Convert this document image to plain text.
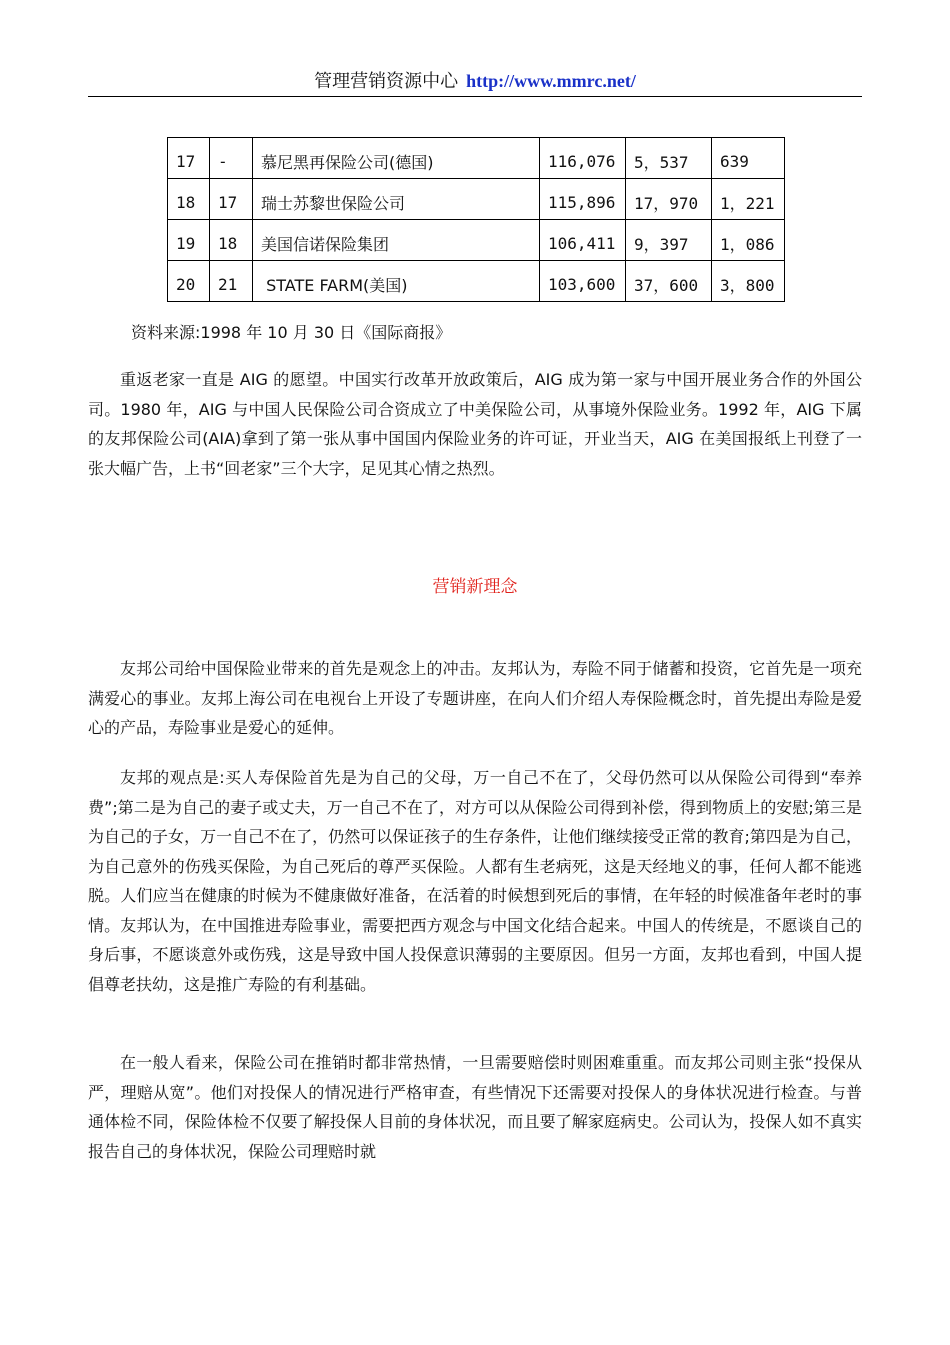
管理营销资源中心 http://www.mmrc.net/
17	-	慕尼黑再保险公司(德国)	116,076	5，537	639
18	17	瑞士苏黎世保险公司	115,896	17，970	1，221
19	18	美国信诺保险集团	106,411	9，397	1，086
20	21	STATE FARM(美国)	103,600	37，600	3，800
资料来源:1998 年 10 月 30 日《国际商报》

重返老家一直是 AIG 的愿望。中国实行改革开放政策后，AIG 成为第一家与中国开展业务合作的外国公司。1980 年，AIG 与中国人民保险公司合资成立了中美保险公司，从事境外保险业务。1992 年，AIG 下属的友邦保险公司(AIA)拿到了第一张从事中国国内保险业务的许可证，开业当天，AIG 在美国报纸上刊登了一张大幅广告，上书“回老家”三个大字，足见其心情之热烈。

营销新理念

友邦公司给中国保险业带来的首先是观念上的冲击。友邦认为，寿险不同于储蓄和投资，它首先是一项充满爱心的事业。友邦上海公司在电视台上开设了专题讲座，在向人们介绍人寿保险概念时，首先提出寿险是爱心的产品，寿险事业是爱心的延伸。

友邦的观点是:买人寿保险首先是为自己的父母，万一自己不在了，父母仍然可以从保险公司得到“奉养费”;第二是为自己的妻子或丈夫，万一自己不在了，对方可以从保险公司得到补偿，得到物质上的安慰;第三是为自己的子女，万一自己不在了，仍然可以保证孩子的生存条件，让他们继续接受正常的教育;第四是为自己，为自己意外的伤残买保险，为自己死后的尊严买保险。人都有生老病死，这是天经地义的事，任何人都不能逃脱。人们应当在健康的时候为不健康做好准备，在活着的时候想到死后的事情，在年轻的时候准备年老时的事情。友邦认为，在中国推进寿险事业，需要把西方观念与中国文化结合起来。中国人的传统是，不愿谈自己的身后事，不愿谈意外或伤残，这是导致中国人投保意识薄弱的主要原因。但另一方面，友邦也看到，中国人提倡尊老扶幼，这是推广寿险的有利基础。

在一般人看来，保险公司在推销时都非常热情，一旦需要赔偿时则困难重重。而友邦公司则主张“投保从严，理赔从宽”。他们对投保人的情况进行严格审查，有些情况下还需要对投保人的身体状况进行检查。与普通体检不同，保险体检不仅要了解投保人目前的身体状况，而且要了解家庭病史。公司认为，投保人如不真实报告自己的身体状况，保险公司理赔时就
